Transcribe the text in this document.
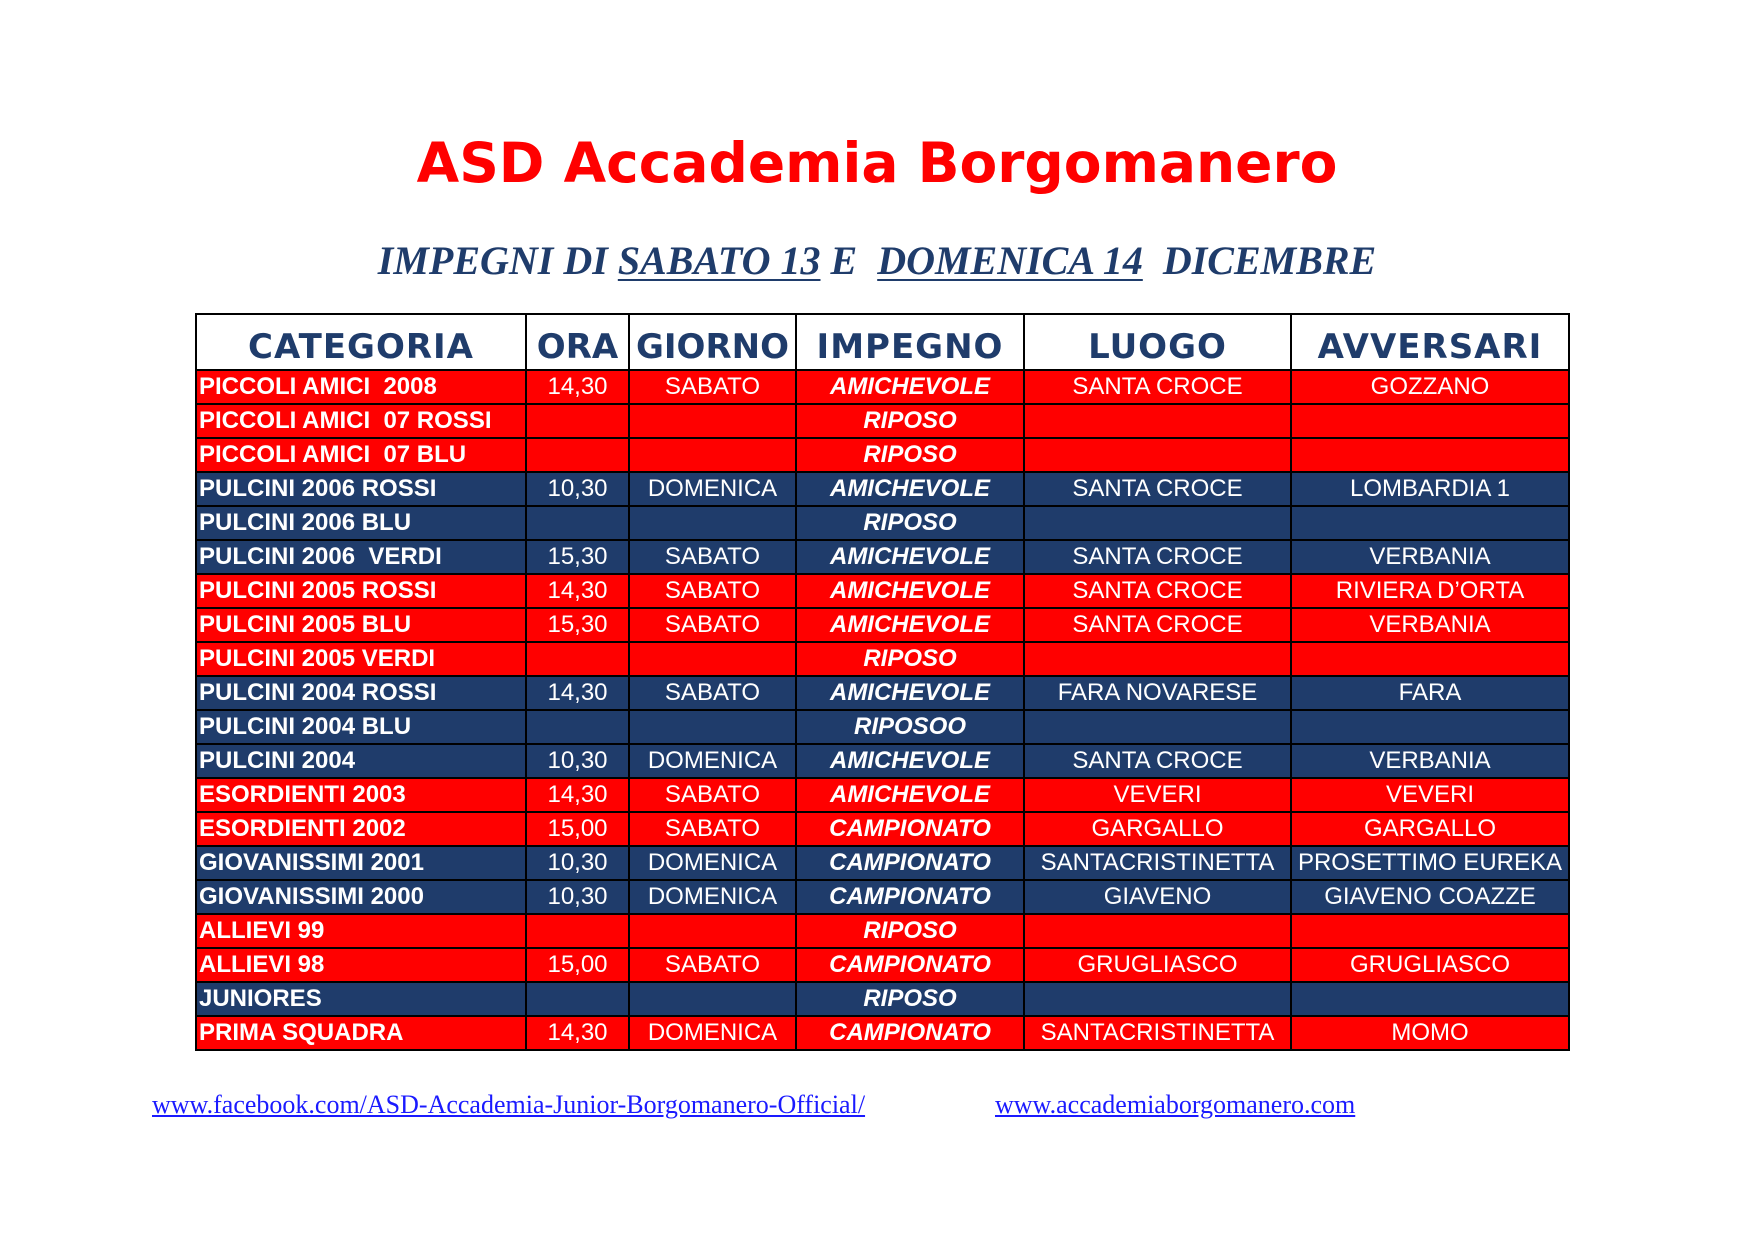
ASD Accademia Borgomanero
IMPEGNI DI SABATO 13 E  DOMENICA 14  DICEMBRE
CATEGORIA	ORA	GIORNO	IMPEGNO	LUOGO	AVVERSARI
PICCOLI AMICI  2008	14,30	SABATO	AMICHEVOLE	SANTA CROCE	GOZZANO
PICCOLI AMICI  07 ROSSI			RIPOSO		
PICCOLI AMICI  07 BLU			RIPOSO		
PULCINI 2006 ROSSI	10,30	DOMENICA	AMICHEVOLE	SANTA CROCE	LOMBARDIA 1
PULCINI 2006 BLU			RIPOSO		
PULCINI 2006  VERDI	15,30	SABATO	AMICHEVOLE	SANTA CROCE	VERBANIA
PULCINI 2005 ROSSI	14,30	SABATO	AMICHEVOLE	SANTA CROCE	RIVIERA D’ORTA
PULCINI 2005 BLU	15,30	SABATO	AMICHEVOLE	SANTA CROCE	VERBANIA
PULCINI 2005 VERDI			RIPOSO		
PULCINI 2004 ROSSI	14,30	SABATO	AMICHEVOLE	FARA NOVARESE	FARA
PULCINI 2004 BLU			RIPOSOO		
PULCINI 2004	10,30	DOMENICA	AMICHEVOLE	SANTA CROCE	VERBANIA
ESORDIENTI 2003	14,30	SABATO	AMICHEVOLE	VEVERI	VEVERI
ESORDIENTI 2002	15,00	SABATO	CAMPIONATO	GARGALLO	GARGALLO
GIOVANISSIMI 2001	10,30	DOMENICA	CAMPIONATO	SANTACRISTINETTA	PROSETTIMO EUREKA
GIOVANISSIMI 2000	10,30	DOMENICA	CAMPIONATO	GIAVENO	GIAVENO COAZZE
ALLIEVI 99			RIPOSO		
ALLIEVI 98	15,00	SABATO	CAMPIONATO	GRUGLIASCO	GRUGLIASCO
JUNIORES			RIPOSO		
PRIMA SQUADRA	14,30	DOMENICA	CAMPIONATO	SANTACRISTINETTA	MOMO
www.facebook.com/ASD-Accademia-Junior-Borgomanero-Official/	www.accademiaborgomanero.com
